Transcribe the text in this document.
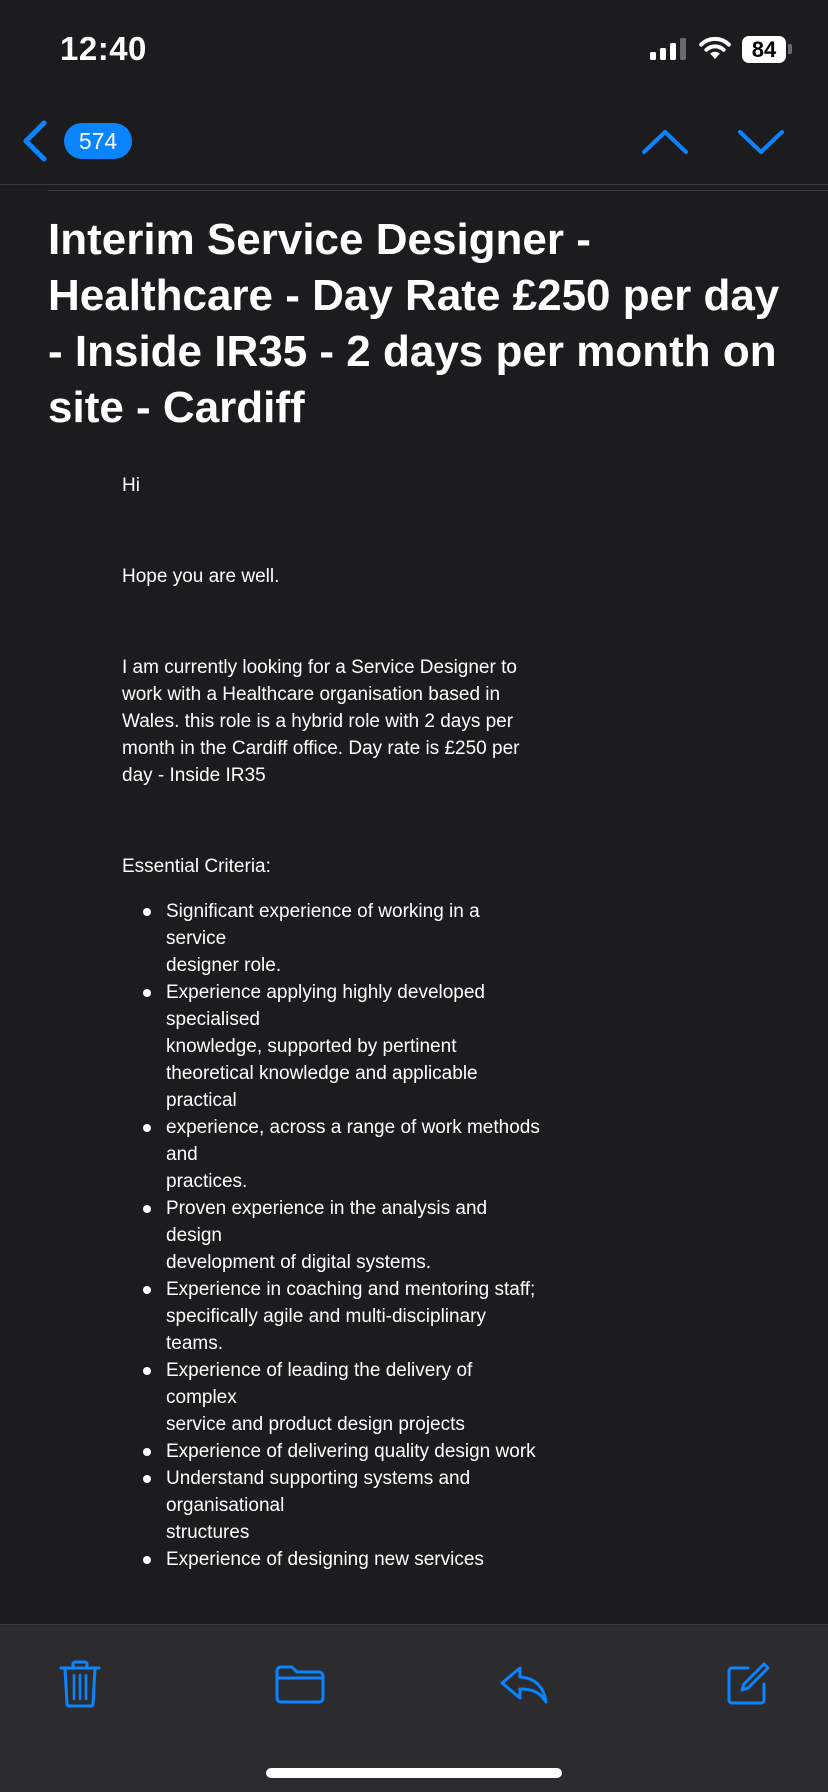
12:40	84
574
Interim Service Designer - Healthcare - Day Rate £250 per day - Inside IR35 - 2 days per month on site - Cardiff

Hi

Hope you are well.

I am currently looking for a Service Designer to work with a Healthcare organisation based in Wales. this role is a hybrid role with 2 days per month in the Cardiff office. Day rate is £250 per day - Inside IR35

Essential Criteria:

Significant experience of working in a service
designer role.
Experience applying highly developed specialised
knowledge, supported by pertinent theoretical knowledge and applicable practical
experience, across a range of work methods and
practices.
Proven experience in the analysis and design
development of digital systems.
Experience in coaching and mentoring staff;
specifically agile and multi-disciplinary teams.
Experience of leading the delivery of complex
service and product design projects
Experience of delivering quality design work
Understand supporting systems and organisational
structures
Experience of designing new services
